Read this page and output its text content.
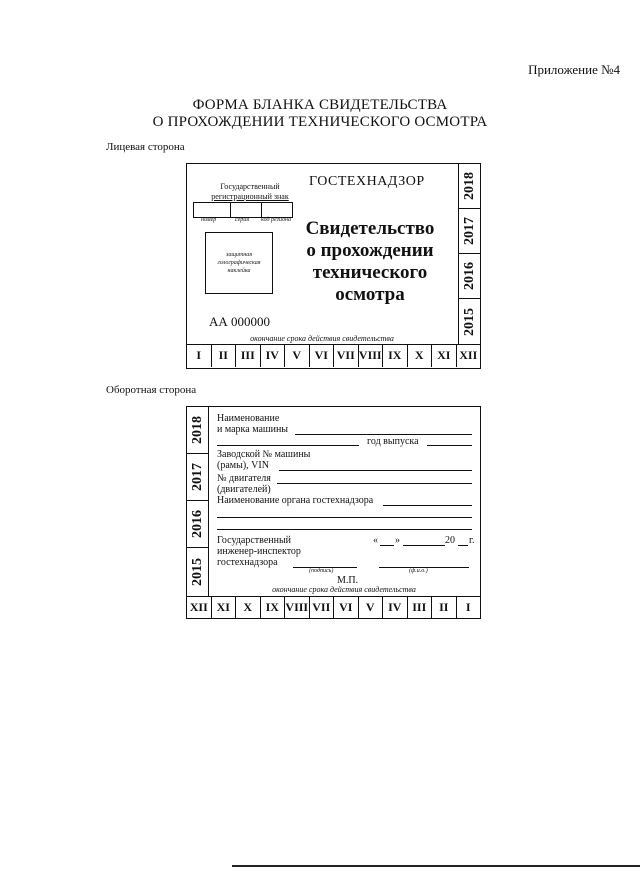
Приложение №4
ФОРМА БЛАНКА СВИДЕТЕЛЬСТВА
О ПРОХОЖДЕНИИ ТЕХНИЧЕСКОГО ОСМОТРА
Лицевая сторона
Государственный
регистрационный знак
номер	серия код региона
защитная
голографическая
наклейка
ГОСТЕХНАДЗОР
Свидетельство
о прохождении
технического
осмотра
АА 000000
окончание срока действия свидетельства
2018
2017
2016
2015
I	II	III IV	V	VI VII VIII IX	X	XI XII
Оборотная сторона
2018
2017
2016
2015
Наименование
и марка машины
год выпуска
Заводской № машины
(рамы), VIN
№ двигателя
(двигателей)
Наименование органа гостехнадзора
Государственный
инженер-инспектор
гостехнадзора
« »	20 г.
(подпись)	(ф.и.о.)
М.П.
окончание срока действия свидетельства
XII XI	X	IX VIII VII VI	V	IV III	II	I
